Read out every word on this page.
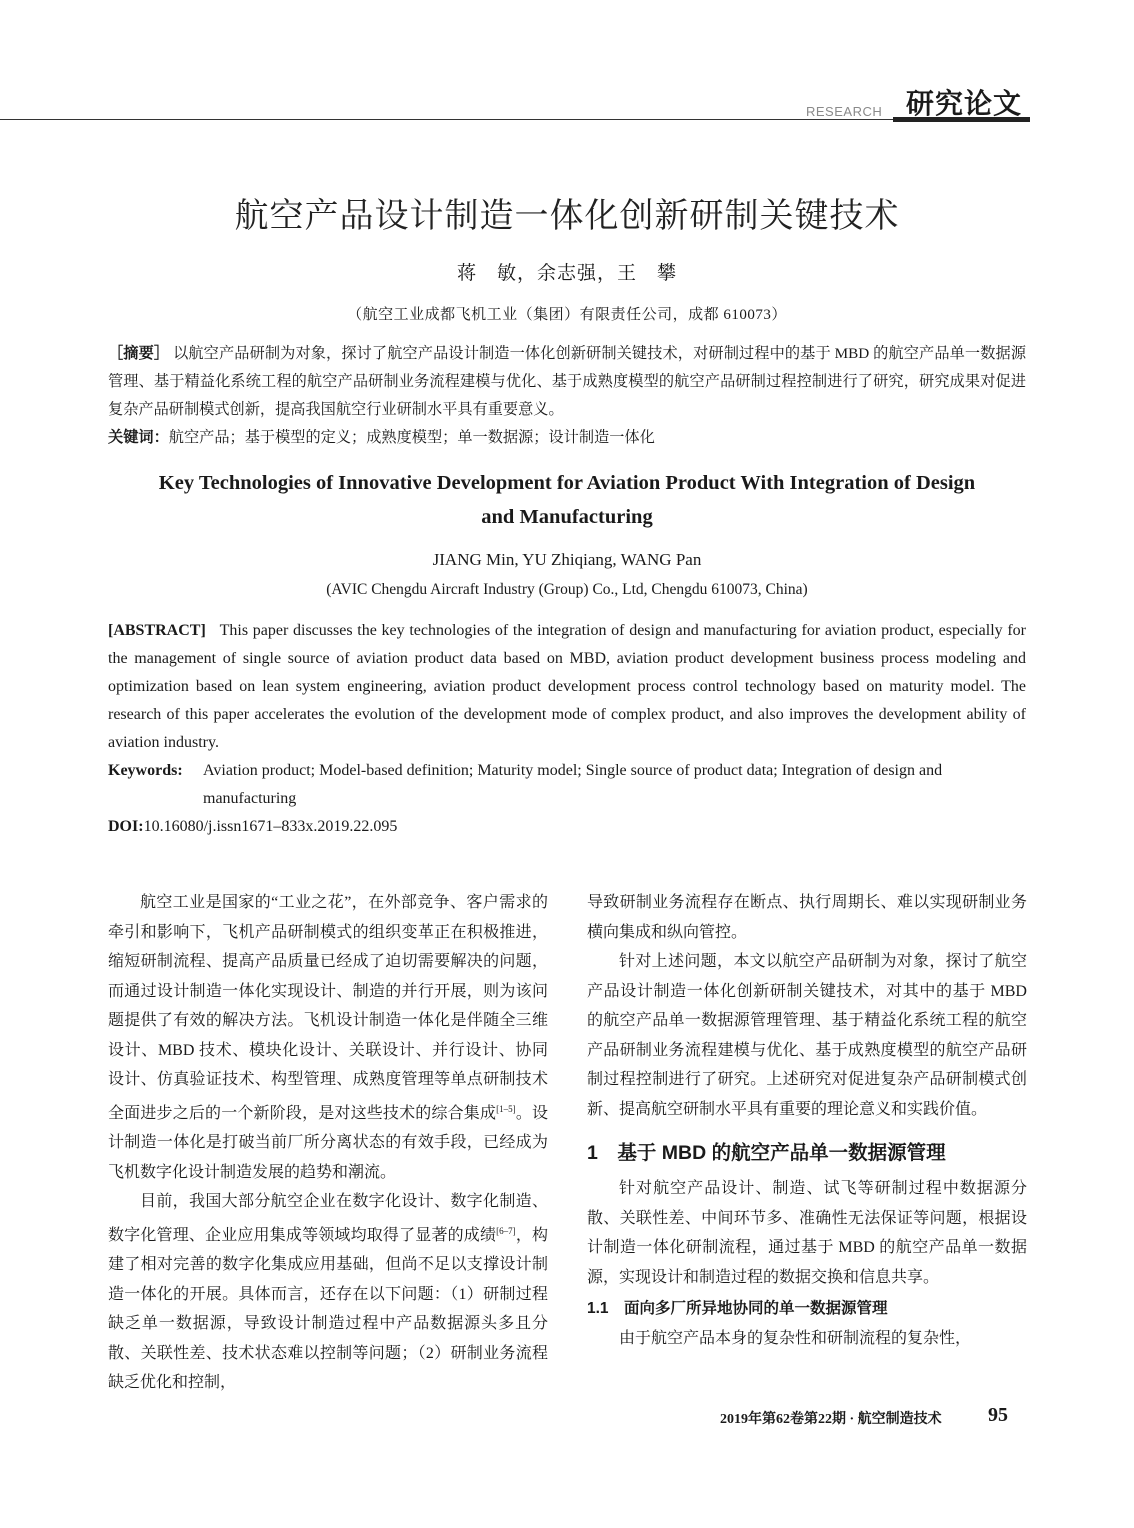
RESEARCH 研究论文
航空产品设计制造一体化创新研制关键技术
蒋　敏，余志强，王　攀
（航空工业成都飞机工业（集团）有限责任公司，成都 610073）
［摘要］ 以航空产品研制为对象，探讨了航空产品设计制造一体化创新研制关键技术，对研制过程中的基于 MBD 的航空产品单一数据源管理、基于精益化系统工程的航空产品研制业务流程建模与优化、基于成熟度模型的航空产品研制过程控制进行了研究，研究成果对促进复杂产品研制模式创新，提高我国航空行业研制水平具有重要意义。
关键词：航空产品；基于模型的定义；成熟度模型；单一数据源；设计制造一体化
Key Technologies of Innovative Development for Aviation Product With Integration of Design and Manufacturing
JIANG Min, YU Zhiqiang, WANG Pan
(AVIC Chengdu Aircraft Industry (Group) Co., Ltd, Chengdu 610073, China)
[ABSTRACT] This paper discusses the key technologies of the integration of design and manufacturing for aviation product, especially for the management of single source of aviation product data based on MBD, aviation product development business process modeling and optimization based on lean system engineering, aviation product development process control technology based on maturity model. The research of this paper accelerates the evolution of the development mode of complex product, and also improves the development ability of aviation industry.
Keywords: Aviation product; Model-based definition; Maturity model; Single source of product data; Integration of design and manufacturing
DOI:10.16080/j.issn1671–833x.2019.22.095

航空工业是国家的“工业之花”，在外部竞争、客户需求的牵引和影响下，飞机产品研制模式的组织变革正在积极推进，缩短研制流程、提高产品质量已经成了迫切需要解决的问题，而通过设计制造一体化实现设计、制造的并行开展，则为该问题提供了有效的解决方法。飞机设计制造一体化是伴随全三维设计、MBD 技术、模块化设计、关联设计、并行设计、协同设计、仿真验证技术、构型管理、成熟度管理等单点研制技术全面进步之后的一个新阶段，是对这些技术的综合集成[1–5]。设计制造一体化是打破当前厂所分离状态的有效手段，已经成为飞机数字化设计制造发展的趋势和潮流。

目前，我国大部分航空企业在数字化设计、数字化制造、数字化管理、企业应用集成等领域均取得了显著的成绩[6–7]，构建了相对完善的数字化集成应用基础，但尚不足以支撑设计制造一体化的开展。具体而言，还存在以下问题：（1）研制过程缺乏单一数据源，导致设计制造过程中产品数据源头多且分散、关联性差、技术状态难以控制等问题；（2）研制业务流程缺乏优化和控制，

导致研制业务流程存在断点、执行周期长、难以实现研制业务横向集成和纵向管控。

针对上述问题，本文以航空产品研制为对象，探讨了航空产品设计制造一体化创新研制关键技术，对其中的基于 MBD 的航空产品单一数据源管理管理、基于精益化系统工程的航空产品研制业务流程建模与优化、基于成熟度模型的航空产品研制过程控制进行了研究。上述研究对促进复杂产品研制模式创新、提高航空研制水平具有重要的理论意义和实践价值。

1　基于 MBD 的航空产品单一数据源管理

针对航空产品设计、制造、试飞等研制过程中数据源分散、关联性差、中间环节多、准确性无法保证等问题，根据设计制造一体化研制流程，通过基于 MBD 的航空产品单一数据源，实现设计和制造过程的数据交换和信息共享。

1.1　面向多厂所异地协同的单一数据源管理

由于航空产品本身的复杂性和研制流程的复杂性，

2019年第62卷第22期 · 航空制造技术 95
